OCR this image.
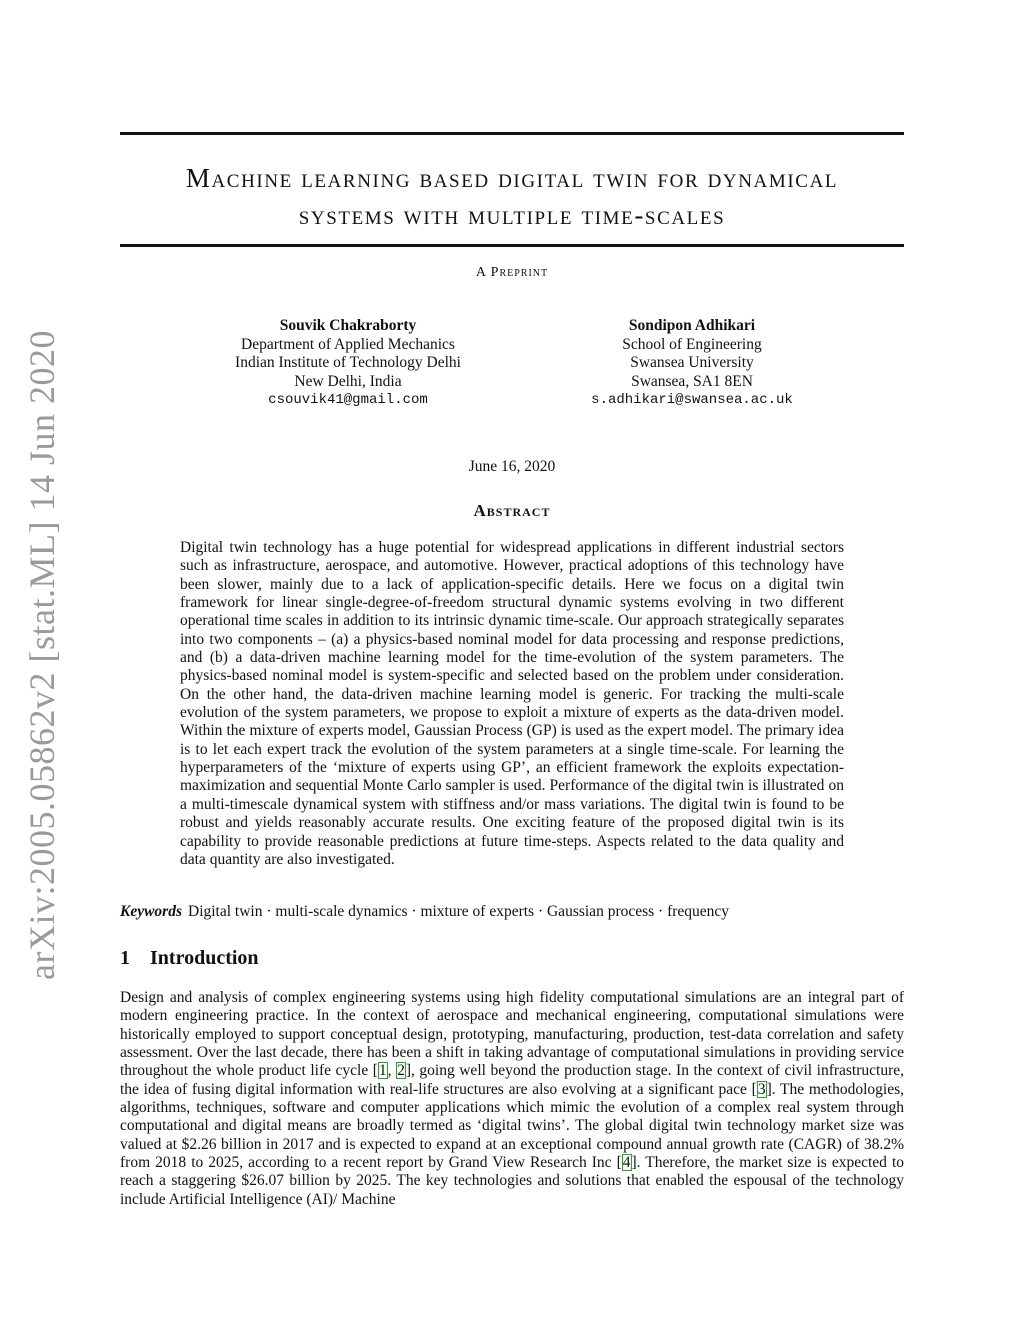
arXiv:2005.05862v2 [stat.ML] 14 Jun 2020
Machine learning based digital twin for dynamical
systems with multiple time-scales
A Preprint
Souvik Chakraborty
Department of Applied Mechanics
Indian Institute of Technology Delhi
New Delhi, India
csouvik41@gmail.com
Sondipon Adhikari
School of Engineering
Swansea University
Swansea, SA1 8EN
s.adhikari@swansea.ac.uk
June 16, 2020
Abstract

Digital twin technology has a huge potential for widespread applications in different industrial sectors such as infrastructure, aerospace, and automotive. However, practical adoptions of this technology have been slower, mainly due to a lack of application-specific details. Here we focus on a digital twin framework for linear single-degree-of-freedom structural dynamic systems evolving in two different operational time scales in addition to its intrinsic dynamic time-scale. Our approach strategically separates into two components – (a) a physics-based nominal model for data processing and response predictions, and (b) a data-driven machine learning model for the time-evolution of the system parameters. The physics-based nominal model is system-specific and selected based on the problem under consideration. On the other hand, the data-driven machine learning model is generic. For tracking the multi-scale evolution of the system parameters, we propose to exploit a mixture of experts as the data-driven model. Within the mixture of experts model, Gaussian Process (GP) is used as the expert model. The primary idea is to let each expert track the evolution of the system parameters at a single time-scale. For learning the hyperparameters of the ‘mixture of experts using GP’, an efficient framework the exploits expectation-maximization and sequential Monte Carlo sampler is used. Performance of the digital twin is illustrated on a multi-timescale dynamical system with stiffness and/or mass variations. The digital twin is found to be robust and yields reasonably accurate results. One exciting feature of the proposed digital twin is its capability to provide reasonable predictions at future time-steps. Aspects related to the data quality and data quantity are also investigated.

Keywords Digital twin · multi-scale dynamics · mixture of experts · Gaussian process · frequency
1 Introduction

Design and analysis of complex engineering systems using high fidelity computational simulations are an integral part of modern engineering practice. In the context of aerospace and mechanical engineering, computational simulations were historically employed to support conceptual design, prototyping, manufacturing, production, test-data correlation and safety assessment. Over the last decade, there has been a shift in taking advantage of computational simulations in providing service throughout the whole product life cycle [1, 2], going well beyond the production stage. In the context of civil infrastructure, the idea of fusing digital information with real-life structures are also evolving at a significant pace [3]. The methodologies, algorithms, techniques, software and computer applications which mimic the evolution of a complex real system through computational and digital means are broadly termed as ‘digital twins’. The global digital twin technology market size was valued at $2.26 billion in 2017 and is expected to expand at an exceptional compound annual growth rate (CAGR) of 38.2% from 2018 to 2025, according to a recent report by Grand View Research Inc [4]. Therefore, the market size is expected to reach a staggering $26.07 billion by 2025. The key technologies and solutions that enabled the espousal of the technology include Artificial Intelligence (AI)/ Machine
